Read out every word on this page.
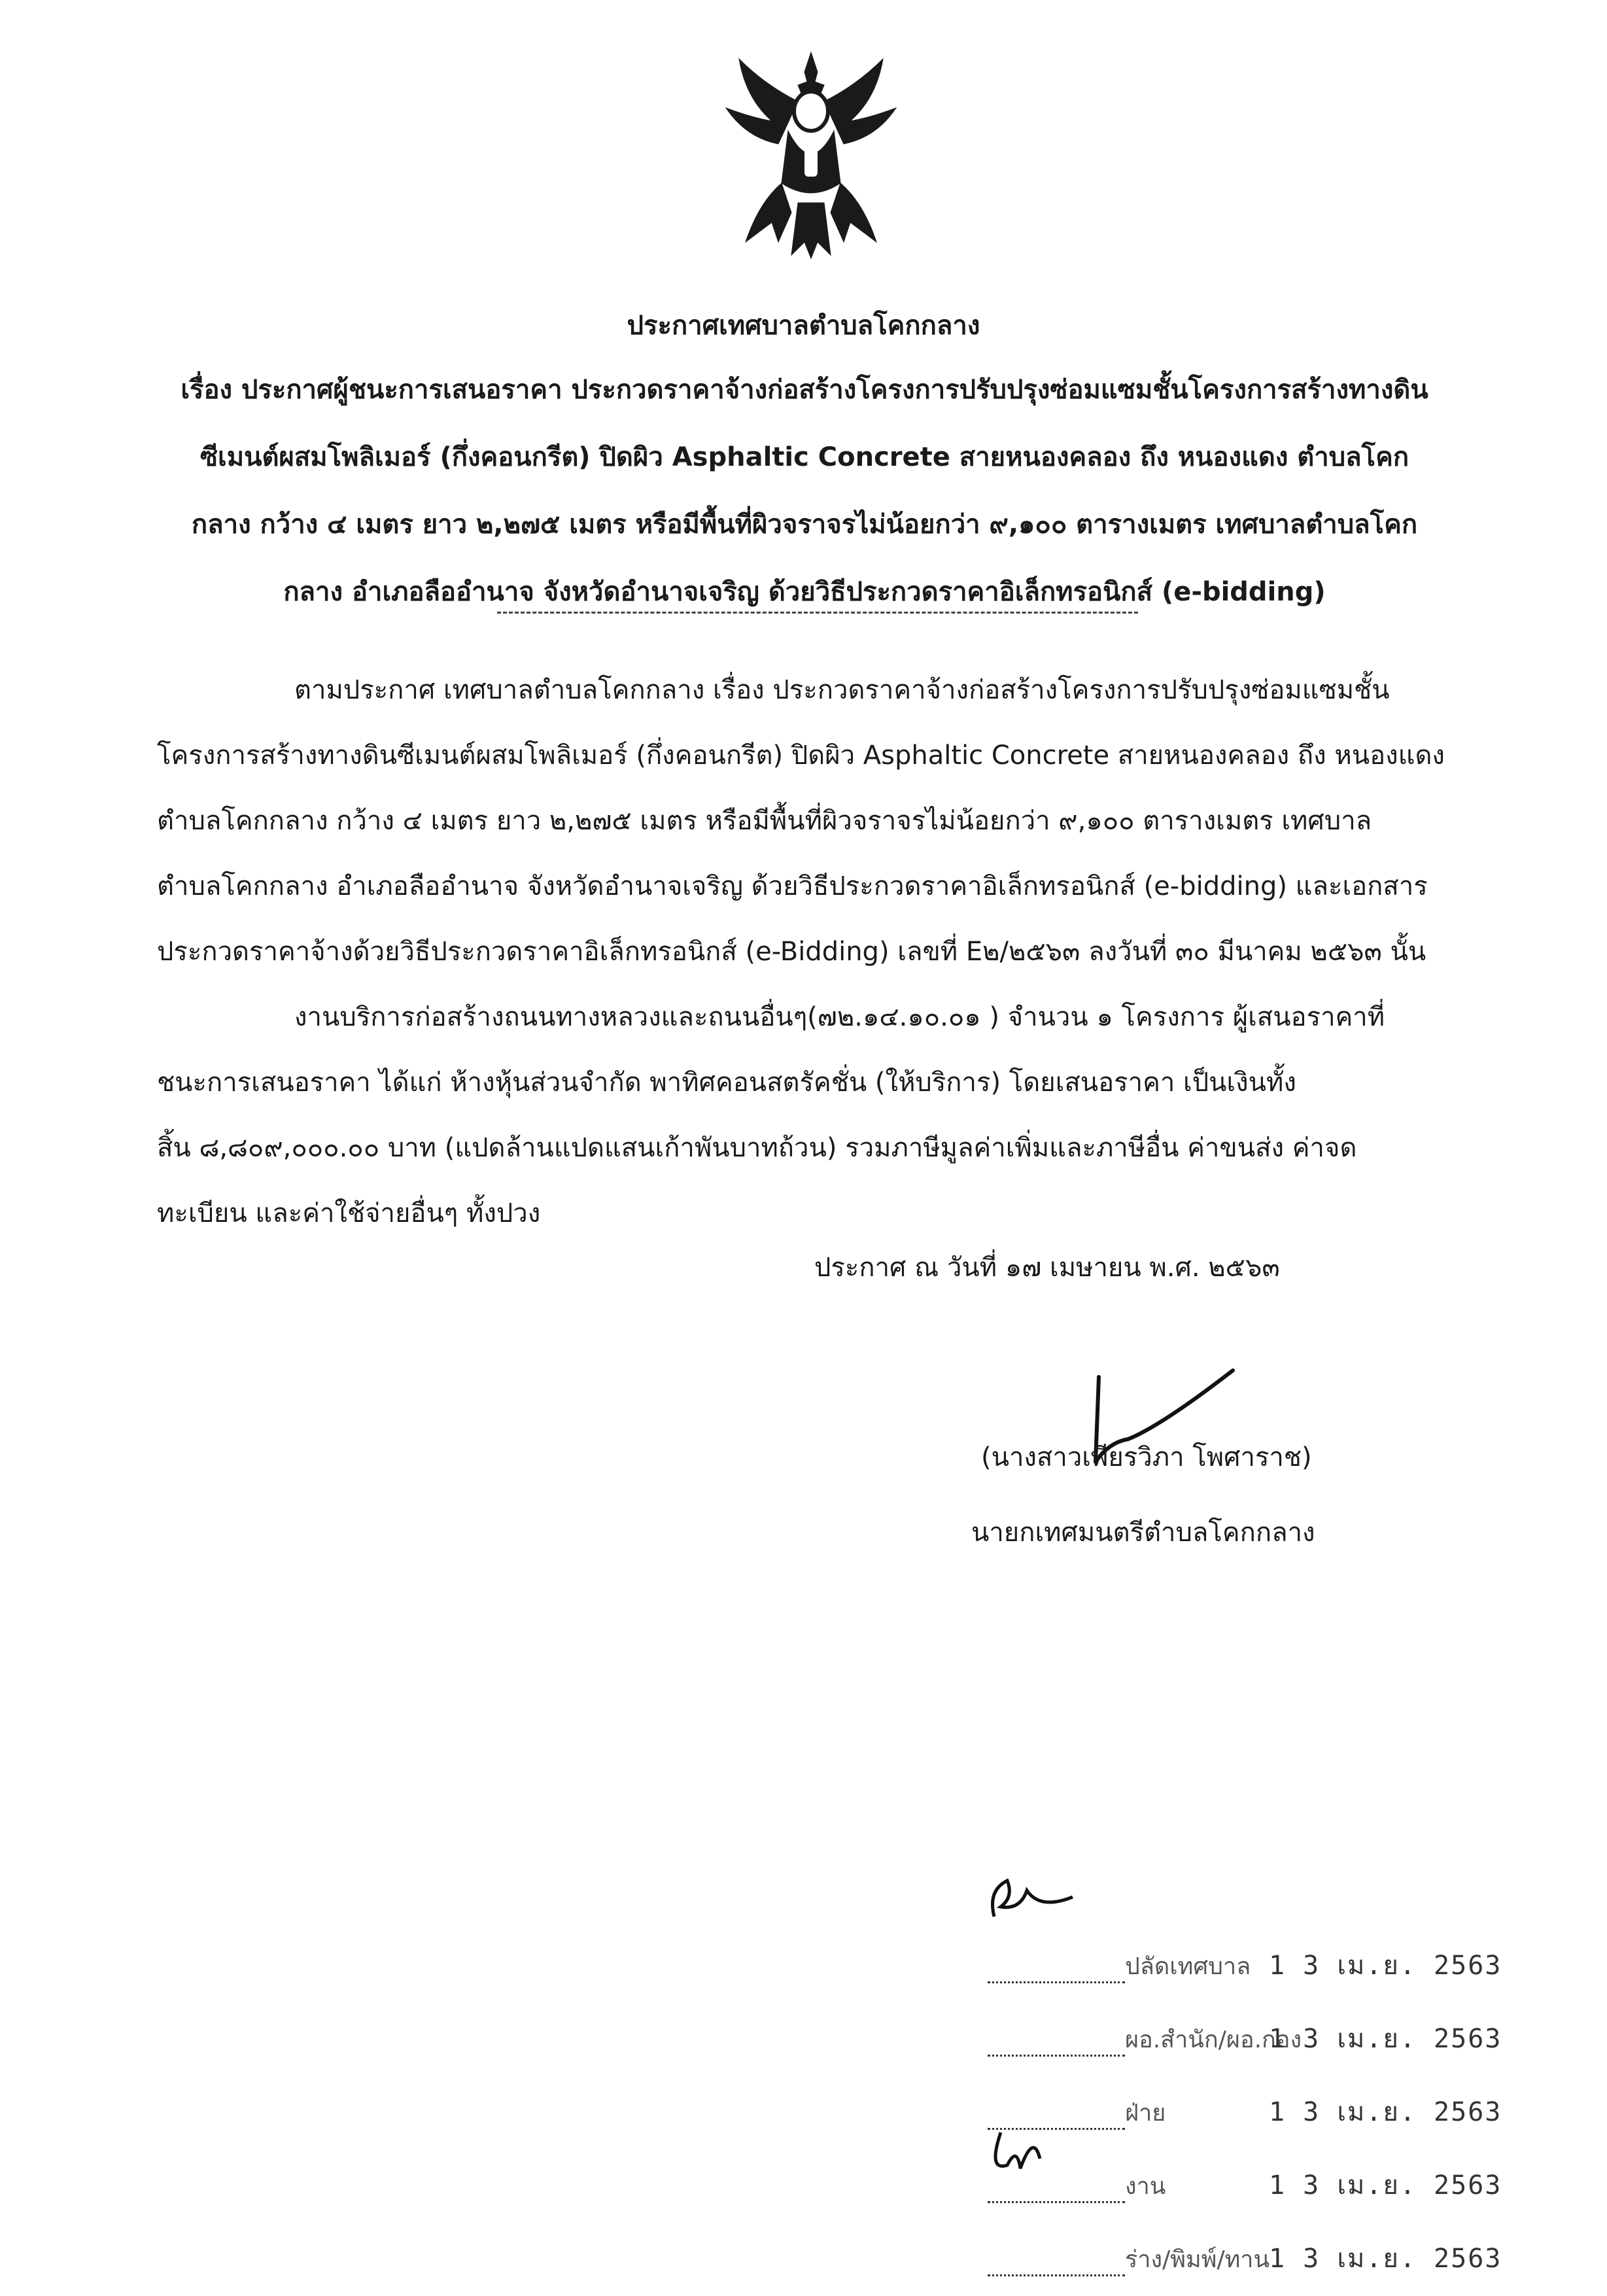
ประกาศเทศบาลตำบลโคกกลาง
เรื่อง ประกาศผู้ชนะการเสนอราคา ประกวดราคาจ้างก่อสร้างโครงการปรับปรุงซ่อมแซมชั้นโครงการสร้างทางดิน
ซีเมนต์ผสมโพลิเมอร์ (กึ่งคอนกรีต) ปิดผิว Asphaltic Concrete สายหนองคลอง ถึง หนองแดง ตำบลโคก
กลาง กว้าง ๔ เมตร ยาว ๒,๒๗๕ เมตร หรือมีพื้นที่ผิวจราจรไม่น้อยกว่า ๙,๑๐๐ ตารางเมตร เทศบาลตำบลโคก
กลาง อำเภอลืออำนาจ จังหวัดอำนาจเจริญ ด้วยวิธีประกวดราคาอิเล็กทรอนิกส์ (e-bidding)
ตามประกาศ เทศบาลตำบลโคกกลาง เรื่อง ประกวดราคาจ้างก่อสร้างโครงการปรับปรุงซ่อมแซมชั้น
โครงการสร้างทางดินซีเมนต์ผสมโพลิเมอร์ (กึ่งคอนกรีต) ปิดผิว Asphaltic Concrete สายหนองคลอง ถึง หนองแดง
ตำบลโคกกลาง กว้าง ๔ เมตร ยาว ๒,๒๗๕ เมตร หรือมีพื้นที่ผิวจราจรไม่น้อยกว่า ๙,๑๐๐ ตารางเมตร เทศบาล
ตำบลโคกกลาง อำเภอลืออำนาจ จังหวัดอำนาจเจริญ ด้วยวิธีประกวดราคาอิเล็กทรอนิกส์ (e-bidding) และเอกสาร
ประกวดราคาจ้างด้วยวิธีประกวดราคาอิเล็กทรอนิกส์ (e-Bidding) เลขที่ E๒/๒๕๖๓ ลงวันที่ ๓๐ มีนาคม ๒๕๖๓ นั้น
งานบริการก่อสร้างถนนทางหลวงและถนนอื่นๆ(๗๒.๑๔.๑๐.๐๑ ) จำนวน ๑ โครงการ ผู้เสนอราคาที่
ชนะการเสนอราคา ได้แก่ ห้างหุ้นส่วนจำกัด พาทิศคอนสตรัคชั่น (ให้บริการ) โดยเสนอราคา เป็นเงินทั้ง
สิ้น ๘,๘๐๙,๐๐๐.๐๐ บาท (แปดล้านแปดแสนเก้าพันบาทถ้วน) รวมภาษีมูลค่าเพิ่มและภาษีอื่น ค่าขนส่ง ค่าจด
ทะเบียน และค่าใช้จ่ายอื่นๆ ทั้งปวง
ประกาศ ณ วันที่ ๑๗ เมษายน พ.ศ. ๒๕๖๓
(นางสาวเพียรวิภา โพศาราช)
นายกเทศมนตรีตำบลโคกกลาง
ปลัดเทศบาล 1 3 เม.ย. 2563
ผอ.สำนัก/ผอ.กอง
1 3 เม.ย. 2563
ฝ่าย	1 3 เม.ย. 2563
งาน	1 3 เม.ย. 2563
ร่าง/พิมพ์/ทาน
1 3 เม.ย. 2563
